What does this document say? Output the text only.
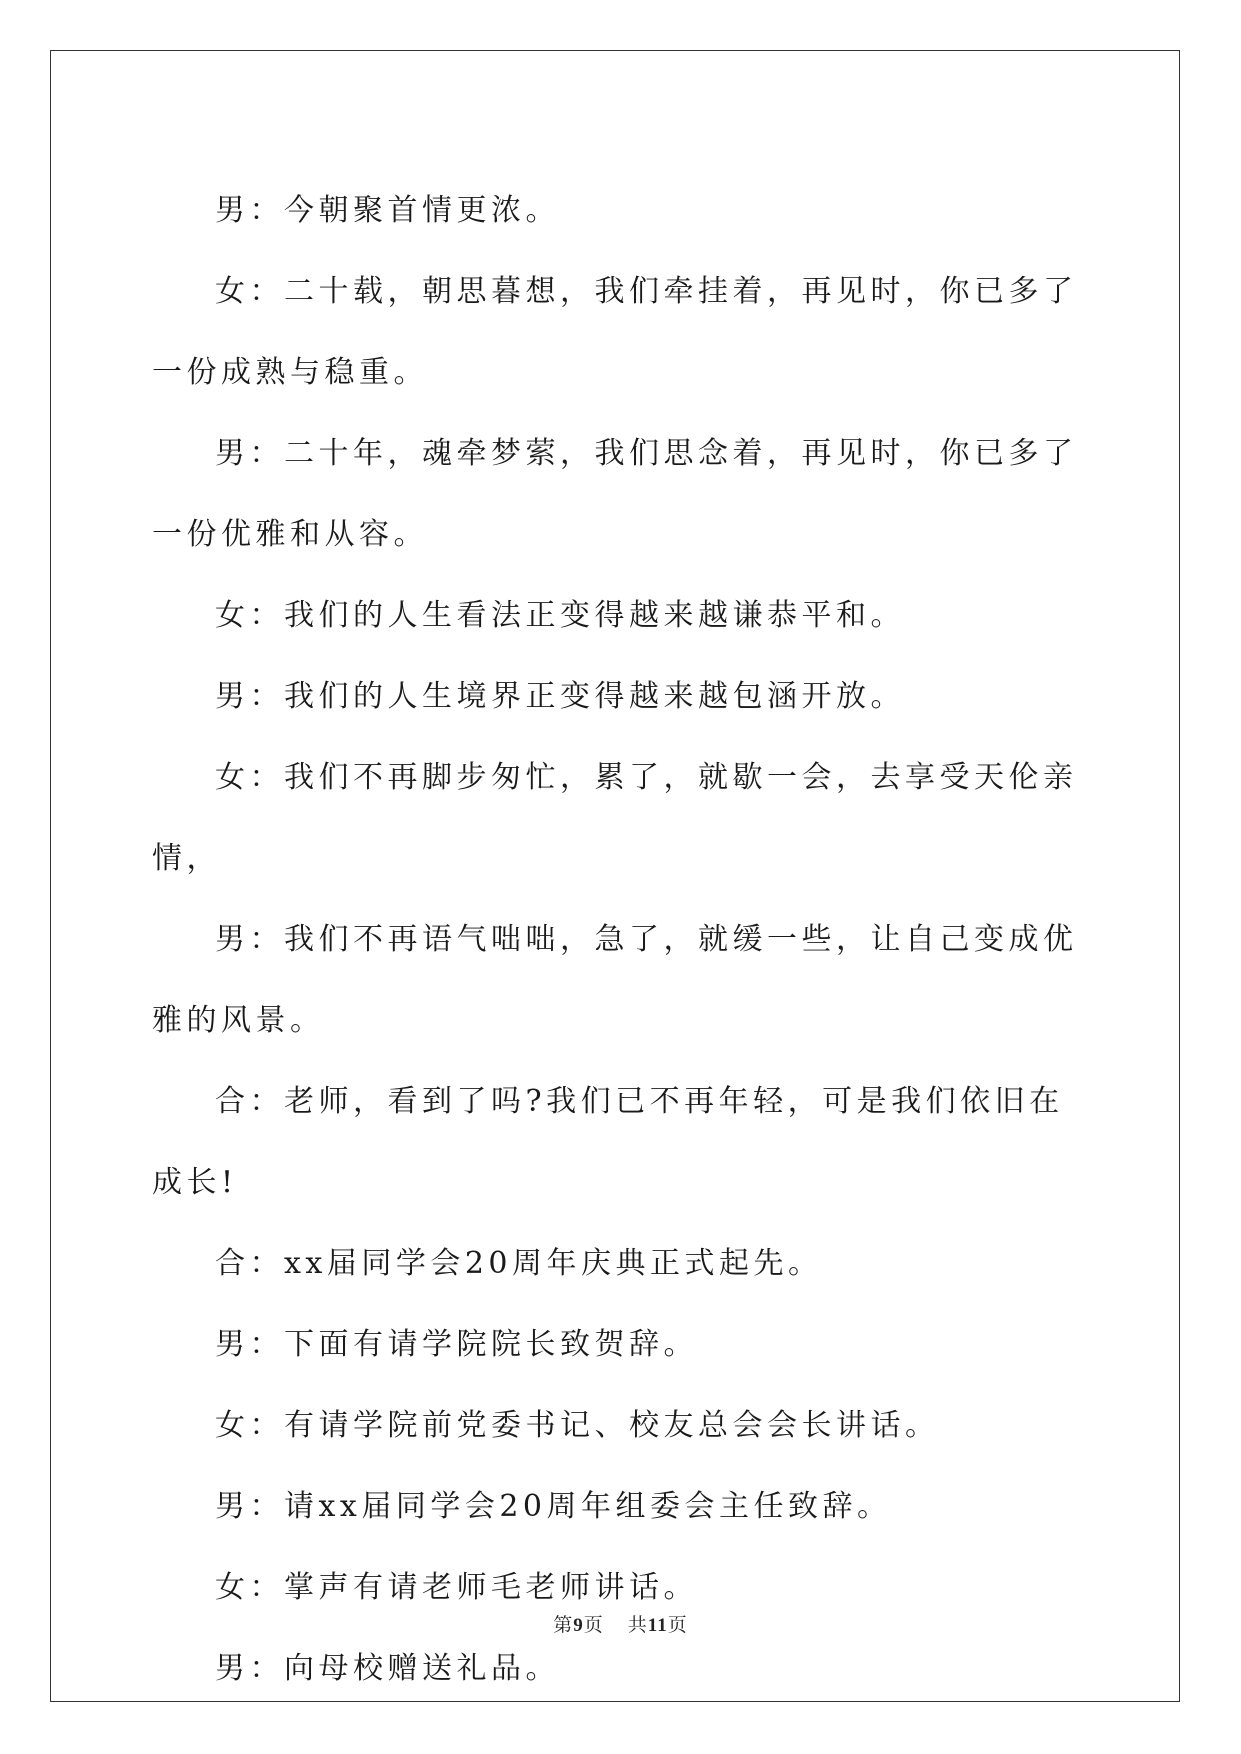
男：今朝聚首情更浓。

女：二十载，朝思暮想，我们牵挂着，再见时，你已多了一份成熟与稳重。

男：二十年，魂牵梦萦，我们思念着，再见时，你已多了一份优雅和从容。

女：我们的人生看法正变得越来越谦恭平和。

男：我们的人生境界正变得越来越包涵开放。

女：我们不再脚步匆忙，累了，就歇一会，去享受天伦亲情，

男：我们不再语气咄咄，急了，就缓一些，让自己变成优雅的风景。

合：老师，看到了吗?我们已不再年轻，可是我们依旧在成长!

合：xx届同学会20周年庆典正式起先。

男：下面有请学院院长致贺辞。

女：有请学院前党委书记、校友总会会长讲话。

男：请xx届同学会20周年组委会主任致辞。

女：掌声有请老师毛老师讲话。

男：向母校赠送礼品。

第9页 共11页
